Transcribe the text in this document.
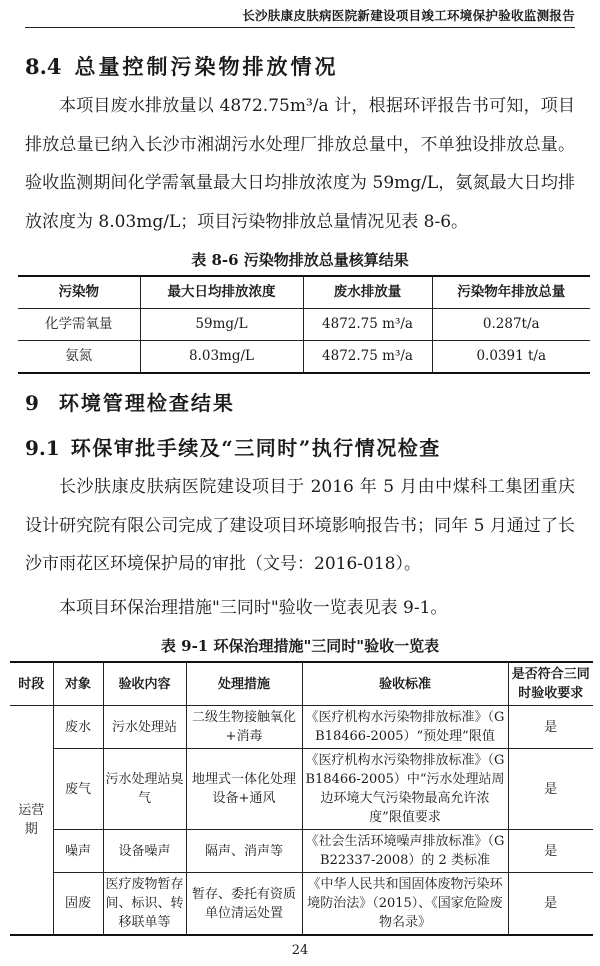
长沙肤康皮肤病医院新建设项目竣工环境保护验收监测报告
8.4 总量控制污染物排放情况

本项目废水排放量以 4872.75m³/a 计，根据环评报告书可知，项目排放总量已纳入长沙市湘湖污水处理厂排放总量中，不单独设排放总量。验收监测期间化学需氧量最大日均排放浓度为 59mg/L，氨氮最大日均排放浓度为 8.03mg/L；项目污染物排放总量情况见表 8-6。

表 8-6 污染物排放总量核算结果
污染物	最大日均排放浓度	废水排放量	污染物年排放总量
化学需氧量	59mg/L	4872.75 m³/a	0.287t/a
氨氮	8.03mg/L	4872.75 m³/a	0.0391 t/a
9 环境管理检查结果
9.1 环保审批手续及“三同时”执行情况检查

长沙肤康皮肤病医院建设项目于 2016 年 5 月由中煤科工集团重庆设计研究院有限公司完成了建设项目环境影响报告书；同年 5 月通过了长沙市雨花区环境保护局的审批（文号：2016-018）。

本项目环保治理措施"三同时"验收一览表见表 9-1。

表 9-1 环保治理措施"三同时"验收一览表
时段	对象	验收内容	处理措施	验收标准	是否符合三同时验收要求
运营期	废水	污水处理站	二级生物接触氧化+消毒	《医疗机构水污染物排放标准》（GB18466-2005）“预处理”限值	是
	废气	污水处理站臭气	地埋式一体化处理设备+通风	《医疗机构水污染物排放标准》（GB18466-2005）中“污水处理站周边环境大气污染物最高允许浓度”限值要求	是
	噪声	设备噪声	隔声、消声等	《社会生活环境噪声排放标准》（GB22337-2008）的 2 类标准	是
	固废	医疗废物暂存间、标识、转移联单等	暂存、委托有资质单位清运处置	《中华人民共和国固体废物污染环境防治法》（2015）、《国家危险废物名录》	是
24
